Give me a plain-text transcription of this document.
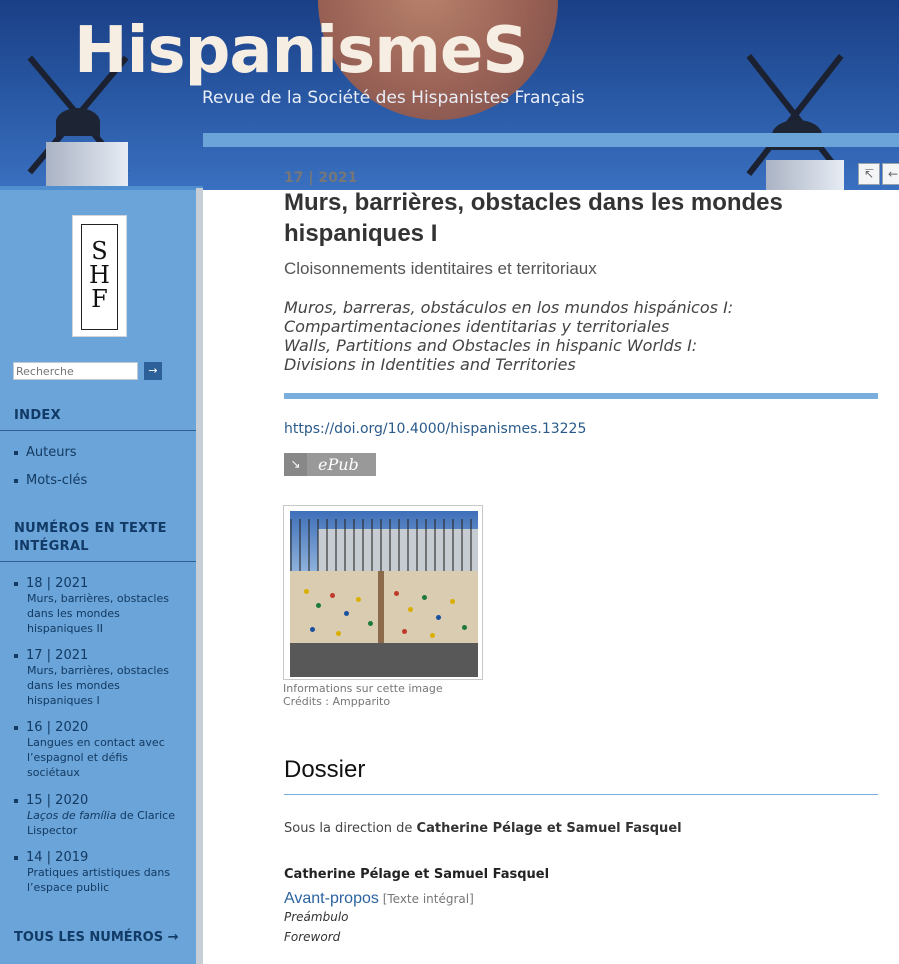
HispanismeS
Revue de la Société des Hispanistes Français
S
H
F
Recherche
→
INDEX
Auteurs
Mots-clés
NUMÉROS EN TEXTE INTÉGRAL
18 | 2021
Murs, barrières, obstacles dans les mondes hispaniques II
17 | 2021
Murs, barrières, obstacles dans les mondes hispaniques I
16 | 2020
Langues en contact avec l’espagnol et défis sociétaux
15 | 2020
Laços de família de Clarice Lispector
14 | 2019
Pratiques artistiques dans l’espace public
TOUS LES NUMÉROS →
↸	←
17 | 2021
Murs, barrières, obstacles dans les mondes hispaniques I
Cloisonnements identitaires et territoriaux
Muros, barreras, obstáculos en los mundos hispánicos I:
Compartimentaciones identitarias y territoriales
Walls, Partitions and Obstacles in hispanic Worlds I:
Divisions in Identities and Territories
https://doi.org/10.4000/hispanismes.13225
↘	ePub
Informations sur cette image
Crédits : Ampparito
Dossier
Sous la direction de Catherine Pélage et Samuel Fasquel
Catherine Pélage et Samuel Fasquel
Avant-propos [Texte intégral]
Preámbulo
Foreword
